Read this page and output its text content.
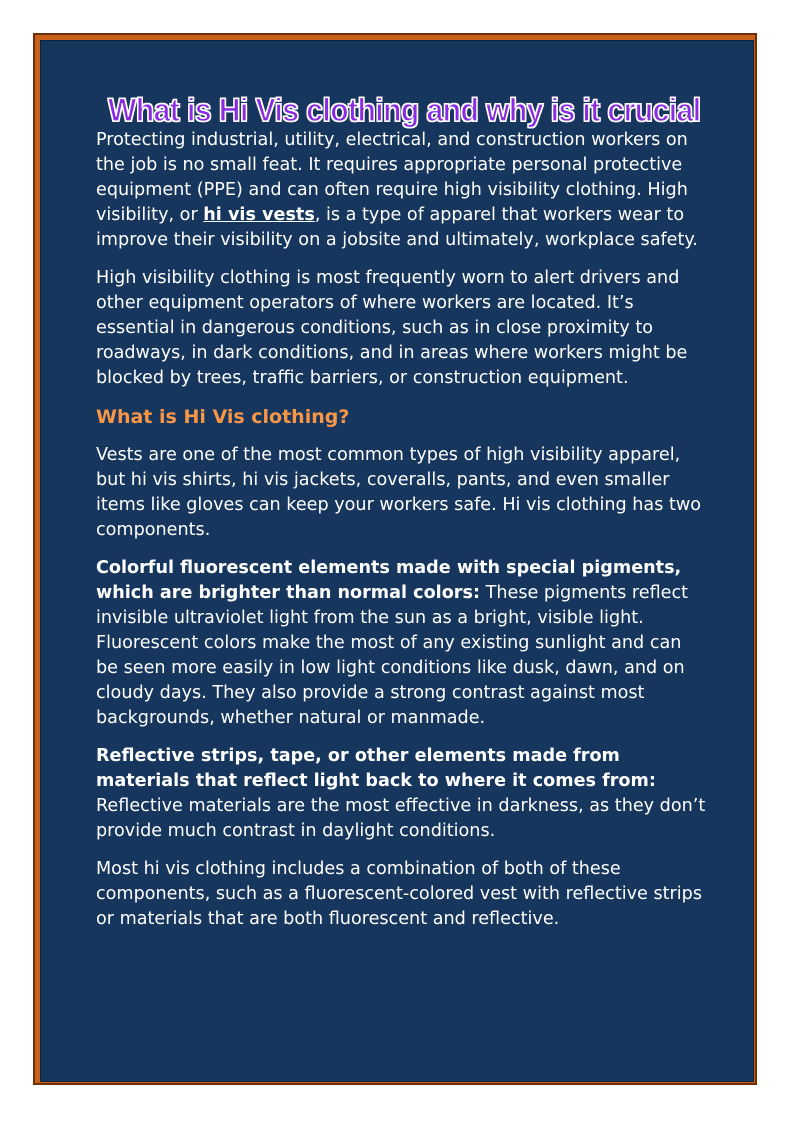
What is Hi Vis clothing and why is it crucial

Protecting industrial, utility, electrical, and construction workers on the job is no small feat. It requires appropriate personal protective equipment (PPE) and can often require high visibility clothing. High visibility, or hi vis vests, is a type of apparel that workers wear to improve their visibility on a jobsite and ultimately, workplace safety.

High visibility clothing is most frequently worn to alert drivers and other equipment operators of where workers are located. It’s essential in dangerous conditions, such as in close proximity to roadways, in dark conditions, and in areas where workers might be blocked by trees, traffic barriers, or construction equipment.

What is Hi Vis clothing?

Vests are one of the most common types of high visibility apparel, but hi vis shirts, hi vis jackets, coveralls, pants, and even smaller items like gloves can keep your workers safe. Hi vis clothing has two components.

Colorful fluorescent elements made with special pigments, which are brighter than normal colors: These pigments reflect invisible ultraviolet light from the sun as a bright, visible light. Fluorescent colors make the most of any existing sunlight and can be seen more easily in low light conditions like dusk, dawn, and on cloudy days. They also provide a strong contrast against most backgrounds, whether natural or manmade.

Reflective strips, tape, or other elements made from materials that reflect light back to where it comes from: Reflective materials are the most effective in darkness, as they don’t provide much contrast in daylight conditions.

Most hi vis clothing includes a combination of both of these components, such as a fluorescent-colored vest with reflective strips or materials that are both fluorescent and reflective.
